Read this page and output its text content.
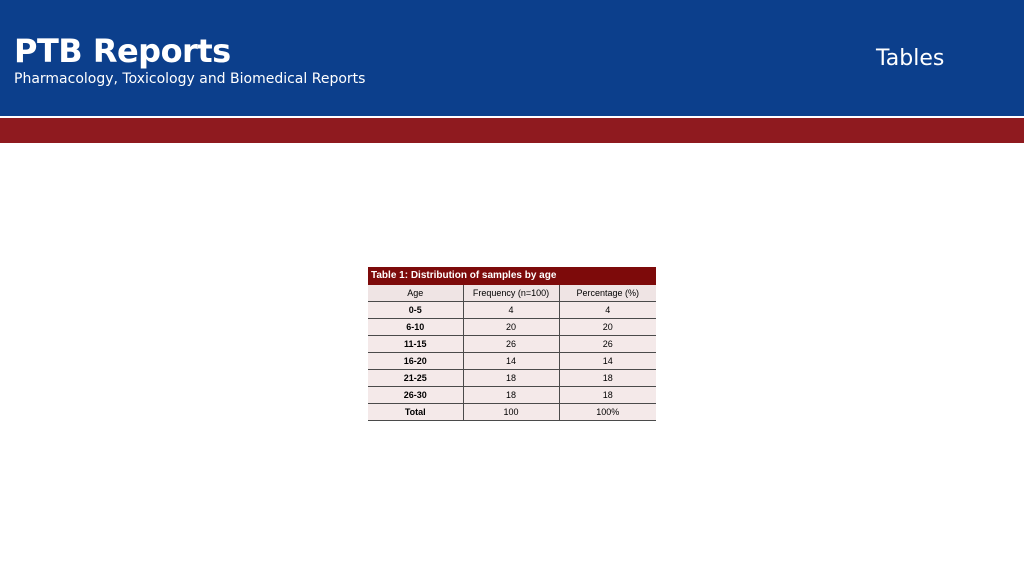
PTB Reports
Pharmacology, Toxicology and Biomedical Reports
Tables
Table 1: Distribution of samples by age
Age	Frequency (n=100)	Percentage (%)
0-5	4	4
6-10	20	20
11-15	26	26
16-20	14	14
21-25	18	18
26-30	18	18
Total	100	100%
